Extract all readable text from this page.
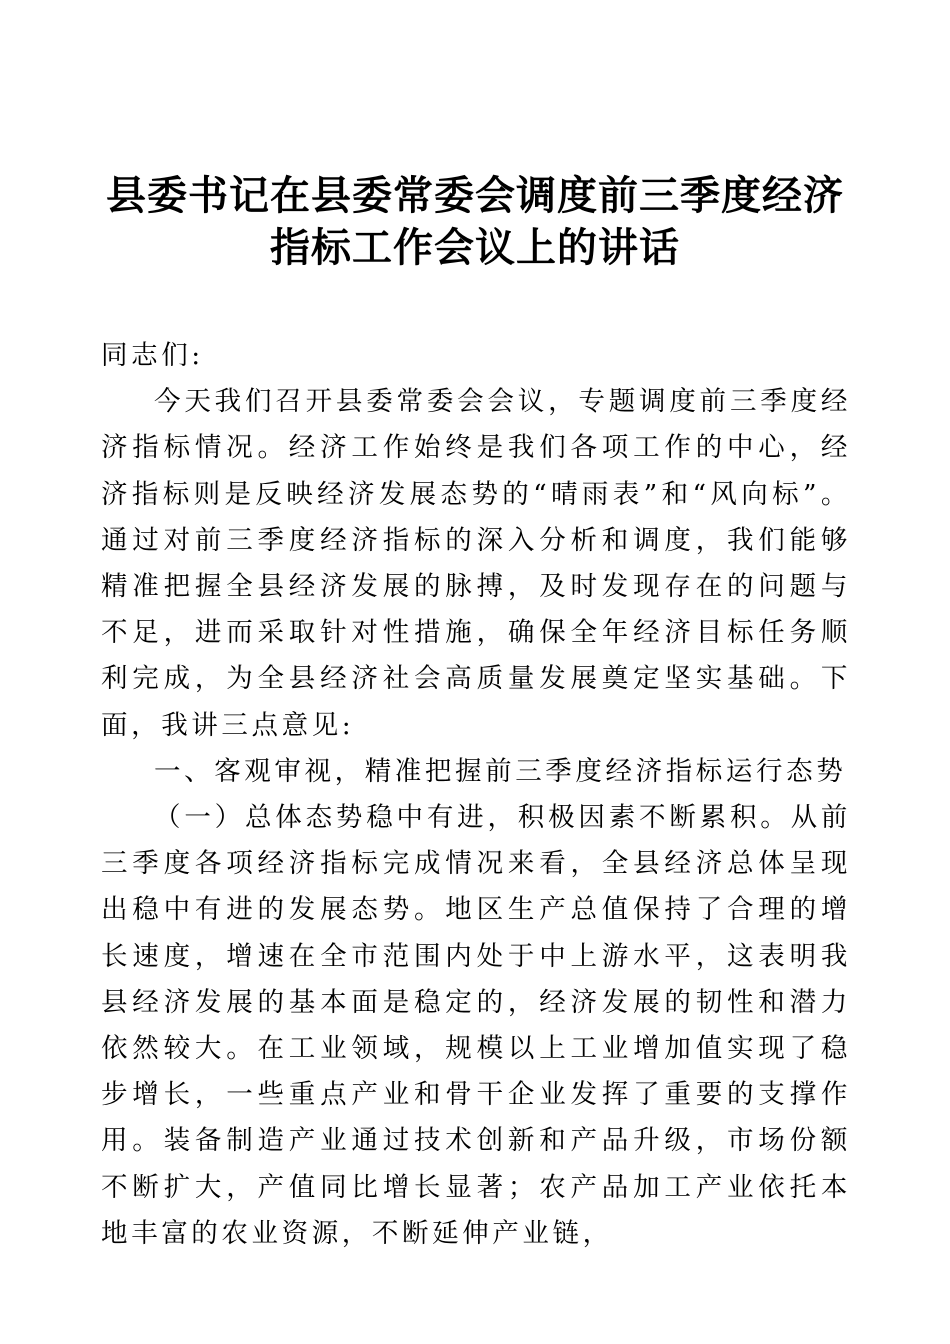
县委书记在县委常委会调度前三季度经济
指标工作会议上的讲话

同志们:

今天我们召开县委常委会会议，专题调度前三季度经济指标情况。经济工作始终是我们各项工作的中心，经济指标则是反映经济发展态势的“晴雨表”和“风向标”。通过对前三季度经济指标的深入分析和调度，我们能够精准把握全县经济发展的脉搏，及时发现存在的问题与不足，进而采取针对性措施，确保全年经济目标任务顺利完成，为全县经济社会高质量发展奠定坚实基础。下面，我讲三点意见:

一、客观审视，精准把握前三季度经济指标运行态势

（一）总体态势稳中有进，积极因素不断累积。从前三季度各项经济指标完成情况来看，全县经济总体呈现出稳中有进的发展态势。地区生产总值保持了合理的增长速度，增速在全市范围内处于中上游水平，这表明我县经济发展的基本面是稳定的，经济发展的韧性和潜力依然较大。在工业领域，规模以上工业增加值实现了稳步增长，一些重点产业和骨干企业发挥了重要的支撑作用。装备制造产业通过技术创新和产品升级，市场份额不断扩大，产值同比增长显著；农产品加工产业依托本地丰富的农业资源，不断延伸产业链，
